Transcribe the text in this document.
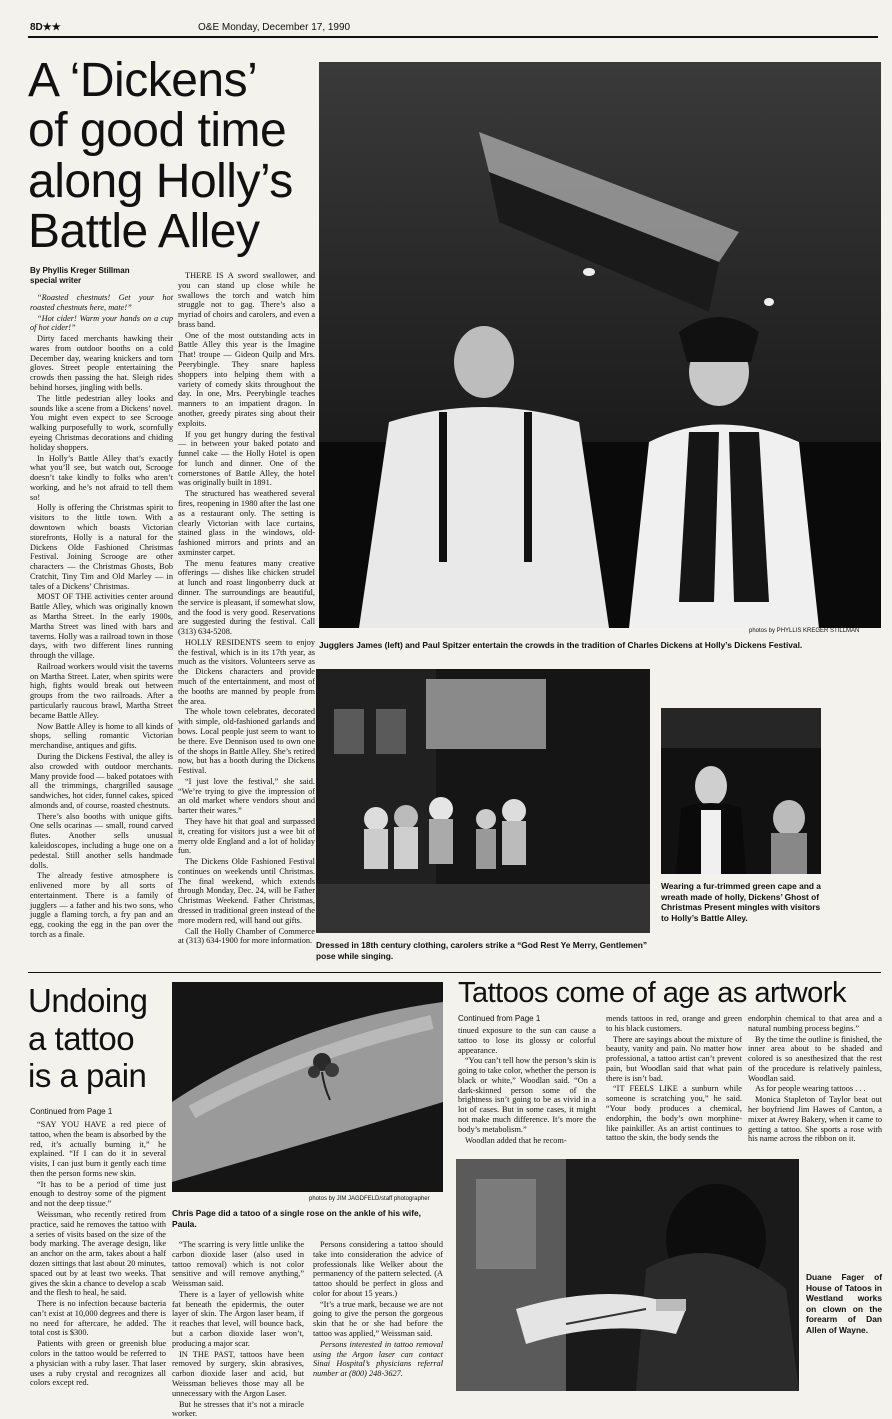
8D★★	O&E Monday, December 17, 1990
A ‘Dickens’
of good time
along Holly’s
Battle Alley
By Phyllis Kreger Stillman
special writer

“Roasted chestnuts! Get your hot roasted chestnuts here, mate!”

“Hot cider! Warm your hands on a cup of hot cider!”

Dirty faced merchants hawking their wares from outdoor booths on a cold December day, wearing knickers and torn gloves. Street people entertaining the crowds then passing the hat. Sleigh rides behind horses, jingling with bells.

The little pedestrian alley looks and sounds like a scene from a Dickens’ novel. You might even expect to see Scrooge walking purposefully to work, scornfully eyeing Christmas decorations and chiding holiday shoppers.

In Holly’s Battle Alley that’s exactly what you’ll see, but watch out, Scrooge doesn’t take kindly to folks who aren’t working, and he’s not afraid to tell them so!

Holly is offering the Christmas spirit to visitors to the little town. With a downtown which boasts Victorian storefronts, Holly is a natural for the Dickens Olde Fashioned Christmas Festival. Joining Scrooge are other characters — the Christmas Ghosts, Bob Cratchit, Tiny Tim and Old Marley — in tales of a Dickens’ Christmas.

MOST OF THE activities center around Battle Alley, which was originally known as Martha Street. In the early 1900s, Martha Street was lined with bars and taverns. Holly was a railroad town in those days, with two different lines running through the village.

Railroad workers would visit the taverns on Martha Street. Later, when spirits were high, fights would break out between groups from the two railroads. After a particularly raucous brawl, Martha Street became Battle Alley.

Now Battle Alley is home to all kinds of shops, selling romantic Victorian merchandise, antiques and gifts.

During the Dickens Festival, the alley is also crowded with outdoor merchants. Many provide food — baked potatoes with all the trimmings, chargrilled sausage sandwiches, hot cider, funnel cakes, spiced almonds and, of course, roasted chestnuts.

There’s also booths with unique gifts. One sells ocarinas — small, round carved flutes. Another sells unusual kaleidoscopes, including a huge one on a pedestal. Still another sells handmade dolls.

The already festive atmosphere is enlivened more by all sorts of entertainment. There is a family of jugglers — a father and his two sons, who juggle a flaming torch, a fry pan and an egg, cooking the egg in the pan over the torch as a finale.

THERE IS A sword swallower, and you can stand up close while he swallows the torch and watch him struggle not to gag. There’s also a myriad of choirs and carolers, and even a brass band.

One of the most outstanding acts in Battle Alley this year is the Imagine That! troupe — Gideon Quilp and Mrs. Peerybingle. They snare hapless shoppers into helping them with a variety of comedy skits throughout the day. In one, Mrs. Peerybingle teaches manners to an impatient dragon. In another, greedy pirates sing about their exploits.

If you get hungry during the festival — in between your baked potato and funnel cake — the Holly Hotel is open for lunch and dinner. One of the cornerstones of Battle Alley, the hotel was originally built in 1891.

The structured has weathered several fires, reopening in 1980 after the last one as a restaurant only. The setting is clearly Victorian with lace curtains, stained glass in the windows, old-fashioned mirrors and prints and an axminster carpet.

The menu features many creative offerings — dishes like chicken strudel at lunch and roast lingonberry duck at dinner. The surroundings are beautiful, the service is pleasant, if somewhat slow, and the food is very good. Reservations are suggested during the festival. Call (313) 634-5208.

HOLLY RESIDENTS seem to enjoy the festival, which is in its 17th year, as much as the visitors. Volunteers serve as the Dickens characters and provide much of the entertainment, and most of the booths are manned by people from the area.

The whole town celebrates, decorated with simple, old-fashioned garlands and bows. Local people just seem to want to be there. Eve Dennison used to own one of the shops in Battle Alley. She’s retired now, but has a booth during the Dickens Festival.

“I just love the festival,” she said. “We’re trying to give the impression of an old market where vendors shout and barter their wares.”

They have hit that goal and surpassed it, creating for visitors just a wee bit of merry olde England and a lot of holiday fun.

The Dickens Olde Fashioned Festival continues on weekends until Christmas. The final weekend, which extends through Monday, Dec. 24, will be Father Christmas Weekend. Father Christmas, dressed in traditional green instead of the more modern red, will hand out gifts.

Call the Holly Chamber of Commerce at (313) 634-1900 for more information.

photos by PHYLLIS KREGER STILLMAN
Jugglers James (left) and Paul Spitzer entertain the crowds in the tradition of Charles Dickens at Holly’s Dickens Festival.
Dressed in 18th century clothing, carolers strike a “God Rest Ye Merry, Gentlemen” pose while singing.
Wearing a fur-trimmed green cape and a wreath made of holly, Dickens’ Ghost of Christmas Present mingles with visitors to Holly’s Battle Alley.
Undoing
a tattoo
is a pain
Continued from Page 1

“SAY YOU HAVE a red piece of tattoo, when the beam is absorbed by the red, it’s actually burning it,” he explained. “If I can do it in several visits, I can just burn it gently each time then the person forms new skin.

“It has to be a period of time just enough to destroy some of the pigment and not the deep tissue.”

Weissman, who recently retired from practice, said he removes the tattoo with a series of visits based on the size of the body marking. The average design, like an anchor on the arm, takes about a half dozen sittings that last about 20 minutes, spaced out by at least two weeks. That gives the skin a chance to develop a scab and the flesh to heal, he said.

There is no infection because bacteria can’t exist at 10,000 degrees and there is no need for aftercare, he added. The total cost is $300.

Patients with green or greenish blue colors in the tattoo would be referred to a physician with a ruby laser. That laser uses a ruby crystal and recognizes all colors except red.

photos by JIM JAGDFELD/staff photographer
Chris Page did a tatoo of a single rose on the ankle of his wife, Paula.

“The scarring is very little unlike the carbon dioxide laser (also used in tattoo removal) which is not color sensitive and will remove anything,” Weissman said.

There is a layer of yellowish white fat beneath the epidermis, the outer layer of skin. The Argon laser beam, if it reaches that level, will bounce back, but a carbon dioxide laser won’t, producing a major scar.

IN THE PAST, tattoos have been removed by surgery, skin abrasives, carbon dioxide laser and acid, but Weissman believes those may all be unnecessary with the Argon Laser.

But he stresses that it’s not a miracle worker.

Persons considering a tattoo should take into consideration the advice of professionals like Welker about the permanency of the pattern selected. (A tattoo should be perfect in gloss and color for about 15 years.)

“It’s a true mark, because we are not going to give the person the gorgeous skin that he or she had before the tattoo was applied,” Weissman said.

Persons interested in tattoo removal using the Argon laser can contact Sinai Hospital’s physicians referral number at (800) 248-3627.

Tattoos come of age as artwork
Continued from Page 1

tinued exposure to the sun can cause a tattoo to lose its glossy or colorful appearance.

“You can’t tell how the person’s skin is going to take color, whether the person is black or white,” Woodlan said. “On a dark-skinned person some of the brightness isn’t going to be as vivid in a lot of cases. But in some cases, it might not make much difference. It’s more the body’s metabolism.”

Woodlan added that he recom-

mends tattoos in red, orange and green to his black customers.

There are sayings about the mixture of beauty, vanity and pain. No matter how professional, a tattoo artist can’t prevent pain, but Woodlan said that what pain there is isn’t bad.

“IT FEELS LIKE a sunburn while someone is scratching you,” he said. “Your body produces a chemical, endorphin, the body’s own morphine-like painkiller. As an artist continues to tattoo the skin, the body sends the

endorphin chemical to that area and a natural numbing process begins.”

By the time the outline is finished, the inner area about to be shaded and colored is so anesthesized that the rest of the procedure is relatively painless, Woodlan said.

As for people wearing tattoos . . .

Monica Stapleton of Taylor beat out her boyfriend Jim Hawes of Canton, a mixer at Awrey Bakery, when it came to getting a tattoo. She sports a rose with his name across the ribbon on it.

Duane Fager of House of Tatoos in Westland works on clown on the forearm of Dan Allen of Wayne.
